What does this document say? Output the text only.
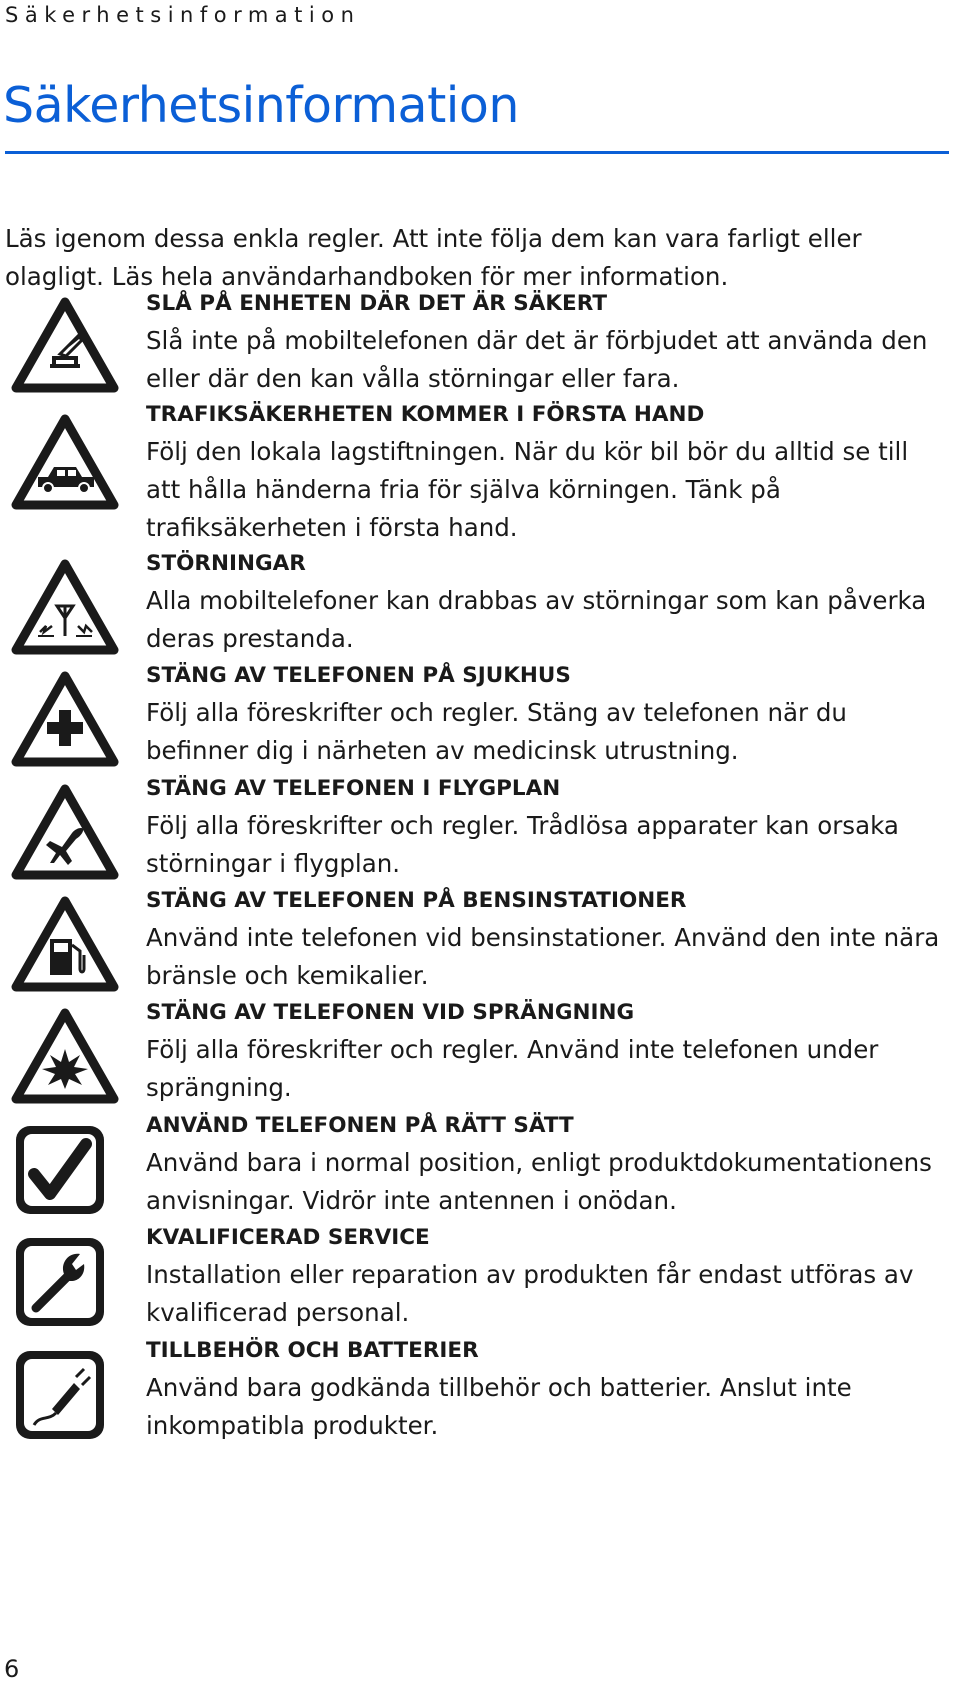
Säkerhetsinformation
Säkerhetsinformation

Läs igenom dessa enkla regler. Att inte följa dem kan vara farligt eller olagligt. Läs hela användarhandboken för mer information.

SLÅ PÅ ENHETEN DÄR DET ÄR SÄKERT
Slå inte på mobiltelefonen där det är förbjudet att använda den eller där den kan vålla störningar eller fara.
TRAFIKSÄKERHETEN KOMMER I FÖRSTA HAND
Följ den lokala lagstiftningen. När du kör bil bör du alltid se till att hålla händerna fria för själva körningen. Tänk på trafiksäkerheten i första hand.
STÖRNINGAR
Alla mobiltelefoner kan drabbas av störningar som kan påverka deras prestanda.
STÄNG AV TELEFONEN PÅ SJUKHUS
Följ alla föreskrifter och regler. Stäng av telefonen när du befinner dig i närheten av medicinsk utrustning.
STÄNG AV TELEFONEN I FLYGPLAN
Följ alla föreskrifter och regler. Trådlösa apparater kan orsaka störningar i flygplan.
STÄNG AV TELEFONEN PÅ BENSINSTATIONER
Använd inte telefonen vid bensinstationer. Använd den inte nära bränsle och kemikalier.
STÄNG AV TELEFONEN VID SPRÄNGNING
Följ alla föreskrifter och regler. Använd inte telefonen under sprängning.
ANVÄND TELEFONEN PÅ RÄTT SÄTT
Använd bara i normal position, enligt produktdokumentationens anvisningar. Vidrör inte antennen i onödan.
KVALIFICERAD SERVICE
Installation eller reparation av produkten får endast utföras av kvalificerad personal.
TILLBEHÖR OCH BATTERIER
Använd bara godkända tillbehör och batterier. Anslut inte inkompatibla produkter.
6
